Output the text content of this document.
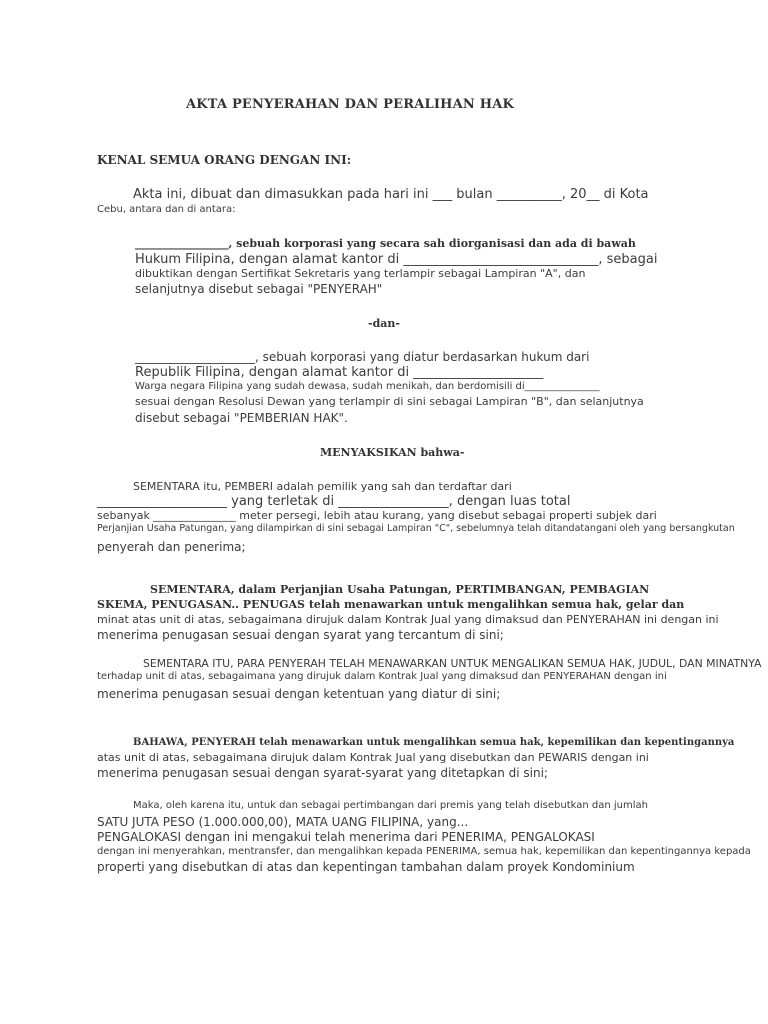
AKTA PENYERAHAN DAN PERALIHAN HAK

KENAL SEMUA ORANG DENGAN INI:

Akta ini, dibuat dan dimasukkan pada hari ini ___ bulan __________, 20__ di Kota

Cebu, antara dan di antara:

_________________, sebuah korporasi yang secara sah diorganisasi dan ada di bawah

Hukum Filipina, dengan alamat kantor di ______________________________, sebagai

dibuktikan dengan Sertifikat Sekretaris yang terlampir sebagai Lampiran "A", dan

selanjutnya disebut sebagai "PENYERAH"

-dan-

____________________, sebuah korporasi yang diatur berdasarkan hukum dari

Republik Filipina, dengan alamat kantor di ____________________

Warga negara Filipina yang sudah dewasa, sudah menikah, dan berdomisili di_______________

sesuai dengan Resolusi Dewan yang terlampir di sini sebagai Lampiran "B", dan selanjutnya

disebut sebagai "PEMBERIAN HAK".

MENYAKSIKAN bahwa-

SEMENTARA itu, PEMBERI adalah pemilik yang sah dan terdaftar dari

____________________ yang terletak di _________________, dengan luas total

sebanyak _______________ meter persegi, lebih atau kurang, yang disebut sebagai properti subjek dari

Perjanjian Usaha Patungan, yang dilampirkan di sini sebagai Lampiran "C", sebelumnya telah ditandatangani oleh yang bersangkutan

penyerah dan penerima;

SEMENTARA, dalam Perjanjian Usaha Patungan, PERTIMBANGAN, PEMBAGIAN

SKEMA, PENUGASAN.. PENUGAS telah menawarkan untuk mengalihkan semua hak, gelar dan

minat atas unit di atas, sebagaimana dirujuk dalam Kontrak Jual yang dimaksud dan PENYERAHAN ini dengan ini

menerima penugasan sesuai dengan syarat yang tercantum di sini;

SEMENTARA ITU, PARA PENYERAH TELAH MENAWARKAN UNTUK MENGALIKAN SEMUA HAK, JUDUL, DAN MINATNYA

terhadap unit di atas, sebagaimana yang dirujuk dalam Kontrak Jual yang dimaksud dan PENYERAHAN dengan ini

menerima penugasan sesuai dengan ketentuan yang diatur di sini;

BAHAWA, PENYERAH telah menawarkan untuk mengalihkan semua hak, kepemilikan dan kepentingannya

atas unit di atas, sebagaimana dirujuk dalam Kontrak Jual yang disebutkan dan PEWARIS dengan ini

menerima penugasan sesuai dengan syarat-syarat yang ditetapkan di sini;

Maka, oleh karena itu, untuk dan sebagai pertimbangan dari premis yang telah disebutkan dan jumlah

SATU JUTA PESO (1.000.000,00), MATA UANG FILIPINA, yang...

PENGALOKASI dengan ini mengakui telah menerima dari PENERIMA, PENGALOKASI

dengan ini menyerahkan, mentransfer, dan mengalihkan kepada PENERIMA, semua hak, kepemilikan dan kepentingannya kepada

properti yang disebutkan di atas dan kepentingan tambahan dalam proyek Kondominium
